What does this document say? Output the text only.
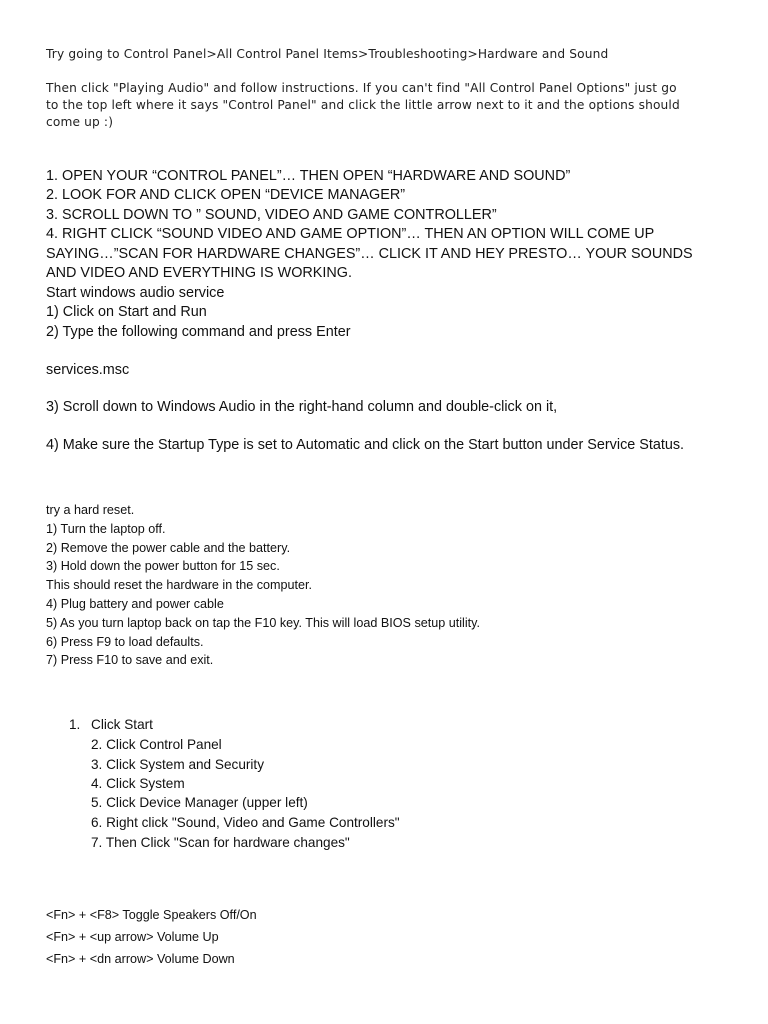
Try going to Control Panel>All Control Panel Items>Troubleshooting>Hardware and Sound

Then click "Playing Audio" and follow instructions. If you can't find "All Control Panel Options" just go

to the top left where it says "Control Panel" and click the little arrow next to it and the options should

come up :)

1. OPEN YOUR “CONTROL PANEL”… THEN OPEN “HARDWARE AND SOUND”

2. LOOK FOR AND CLICK OPEN “DEVICE MANAGER”

3. SCROLL DOWN TO ” SOUND, VIDEO AND GAME CONTROLLER”

4. RIGHT CLICK “SOUND VIDEO AND GAME OPTION”… THEN AN OPTION WILL COME UP

SAYING…”SCAN FOR HARDWARE CHANGES”… CLICK IT AND HEY PRESTO… YOUR SOUNDS

AND VIDEO AND EVERYTHING IS WORKING.

Start windows audio service

1) Click on Start and Run

2) Type the following command and press Enter

services.msc

3) Scroll down to Windows Audio in the right-hand column and double-click on it,

4) Make sure the Startup Type is set to Automatic and click on the Start button under Service Status.

try a hard reset.

1) Turn the laptop off.

2) Remove the power cable and the battery.

3) Hold down the power button for 15 sec.

This should reset the hardware in the computer.

4) Plug battery and power cable

5) As you turn laptop back on tap the F10 key. This will load BIOS setup utility.

6) Press F9 to load defaults.

7) Press F10 to save and exit.

1. Click Start

2. Click Control Panel

3. Click System and Security

4. Click System

5. Click Device Manager (upper left)

6. Right click "Sound, Video and Game Controllers"

7. Then Click "Scan for hardware changes"

<Fn> + <F8> Toggle Speakers Off/On

<Fn> + <up arrow> Volume Up

<Fn> + <dn arrow> Volume Down
